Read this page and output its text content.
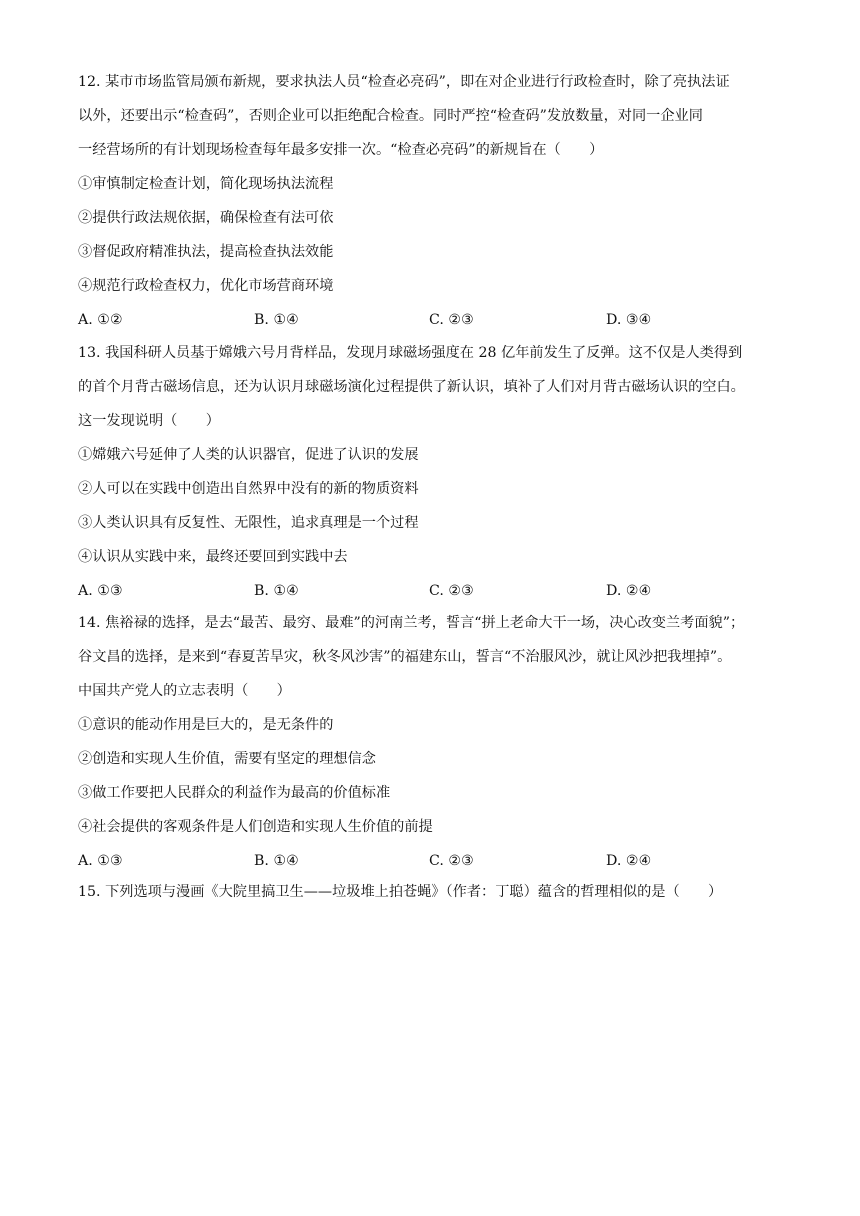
12. 某市市场监管局颁布新规，要求执法人员“检查必亮码”，即在对企业进行行政检查时，除了亮执法证
以外，还要出示“检查码”，否则企业可以拒绝配合检查。同时严控“检查码”发放数量，对同一企业同
一经营场所的有计划现场检查每年最多安排一次。“检查必亮码”的新规旨在（　　）
①审慎制定检查计划，简化现场执法流程
②提供行政法规依据，确保检查有法可依
③督促政府精准执法，提高检查执法效能
④规范行政检查权力，优化市场营商环境
A. ①②	B. ①④	C. ②③	D. ③④
13. 我国科研人员基于嫦娥六号月背样品，发现月球磁场强度在 28 亿年前发生了反弹。这不仅是人类得到
的首个月背古磁场信息，还为认识月球磁场演化过程提供了新认识，填补了人们对月背古磁场认识的空白。
这一发现说明（　　）
①嫦娥六号延伸了人类的认识器官，促进了认识的发展
②人可以在实践中创造出自然界中没有的新的物质资料
③人类认识具有反复性、无限性，追求真理是一个过程
④认识从实践中来，最终还要回到实践中去
A. ①③	B. ①④	C. ②③	D. ②④
14. 焦裕禄的选择，是去“最苦、最穷、最难”的河南兰考，誓言“拼上老命大干一场，决心改变兰考面貌”；
谷文昌的选择，是来到“春夏苦旱灾，秋冬风沙害”的福建东山，誓言“不治服风沙，就让风沙把我埋掉”。
中国共产党人的立志表明（　　）
①意识的能动作用是巨大的，是无条件的
②创造和实现人生价值，需要有坚定的理想信念
③做工作要把人民群众的利益作为最高的价值标准
④社会提供的客观条件是人们创造和实现人生价值的前提
A. ①③	B. ①④	C. ②③	D. ②④
15. 下列选项与漫画《大院里搞卫生——垃圾堆上拍苍蝇》（作者：丁聪）蕴含的哲理相似的是（　　）
